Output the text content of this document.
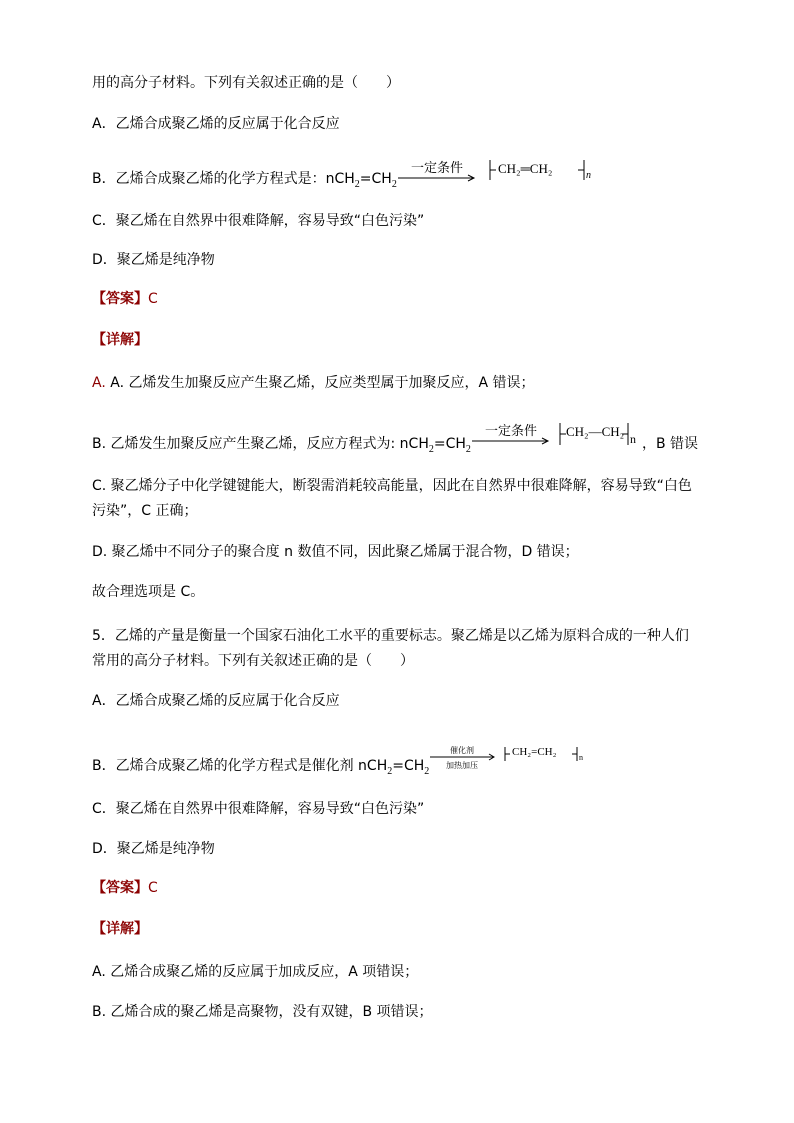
用的高分子材料。下列有关叙述正确的是（　　）
A．乙烯合成聚乙烯的反应属于化合反应
B．乙烯合成聚乙烯的化学方程式是：$nCH_2=CH_2$
一定条件	CH₂═CH₂	n
C．聚乙烯在自然界中很难降解，容易导致“白色污染”
D．聚乙烯是纯净物
【答案】C
【详解】
A. A. 乙烯发生加聚反应产生聚乙烯，反应类型属于加聚反应，A 错误；
B. 乙烯发生加聚反应产生聚乙烯，反应方程式为: $nCH_2=CH_2$
一定条件 CH₂—CH₂ n ，B 错误
C. 聚乙烯分子中化学键键能大，断裂需消耗较高能量，因此在自然界中很难降解，容易导致“白色污染”，C 正确；
D. 聚乙烯中不同分子的聚合度 n 数值不同，因此聚乙烯属于混合物，D 错误；
故合理选项是 C。
5．乙烯的产量是衡量一个国家石油化工水平的重要标志。聚乙烯是以乙烯为原料合成的一种人们常用的高分子材料。下列有关叙述正确的是（　　）
A．乙烯合成聚乙烯的反应属于化合反应
B．乙烯合成聚乙烯的化学方程式是催化剂 $nCH_2=CH_2$
催化剂
加热加压
CH₂=CH₂	n
C．聚乙烯在自然界中很难降解，容易导致“白色污染”
D．聚乙烯是纯净物
【答案】C
【详解】
A. 乙烯合成聚乙烯的反应属于加成反应，A 项错误；
B. 乙烯合成的聚乙烯是高聚物，没有双键，B 项错误；
